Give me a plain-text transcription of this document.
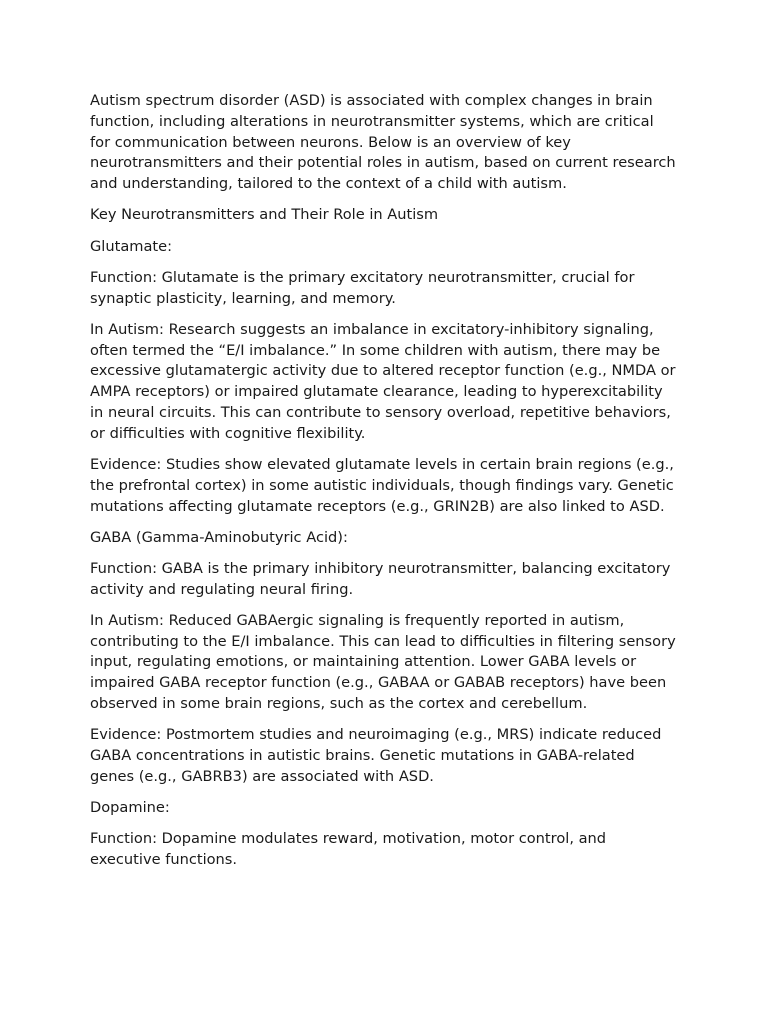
Autism spectrum disorder (ASD) is associated with complex changes in brain function, including alterations in neurotransmitter systems, which are critical for communication between neurons. Below is an overview of key neurotransmitters and their potential roles in autism, based on current research and understanding, tailored to the context of a child with autism.

Key Neurotransmitters and Their Role in Autism

Glutamate:

Function: Glutamate is the primary excitatory neurotransmitter, crucial for synaptic plasticity, learning, and memory.

In Autism: Research suggests an imbalance in excitatory-inhibitory signaling, often termed the “E/I imbalance.” In some children with autism, there may be excessive glutamatergic activity due to altered receptor function (e.g., NMDA or AMPA receptors) or impaired glutamate clearance, leading to hyperexcitability in neural circuits. This can contribute to sensory overload, repetitive behaviors, or difficulties with cognitive flexibility.

Evidence: Studies show elevated glutamate levels in certain brain regions (e.g., the prefrontal cortex) in some autistic individuals, though findings vary. Genetic mutations affecting glutamate receptors (e.g., GRIN2B) are also linked to ASD.

GABA (Gamma-Aminobutyric Acid):

Function: GABA is the primary inhibitory neurotransmitter, balancing excitatory activity and regulating neural firing.

In Autism: Reduced GABAergic signaling is frequently reported in autism, contributing to the E/I imbalance. This can lead to difficulties in filtering sensory input, regulating emotions, or maintaining attention. Lower GABA levels or impaired GABA receptor function (e.g., GABAA or GABAB receptors) have been observed in some brain regions, such as the cortex and cerebellum.

Evidence: Postmortem studies and neuroimaging (e.g., MRS) indicate reduced GABA concentrations in autistic brains. Genetic mutations in GABA-related genes (e.g., GABRB3) are associated with ASD.

Dopamine:

Function: Dopamine modulates reward, motivation, motor control, and executive functions.
